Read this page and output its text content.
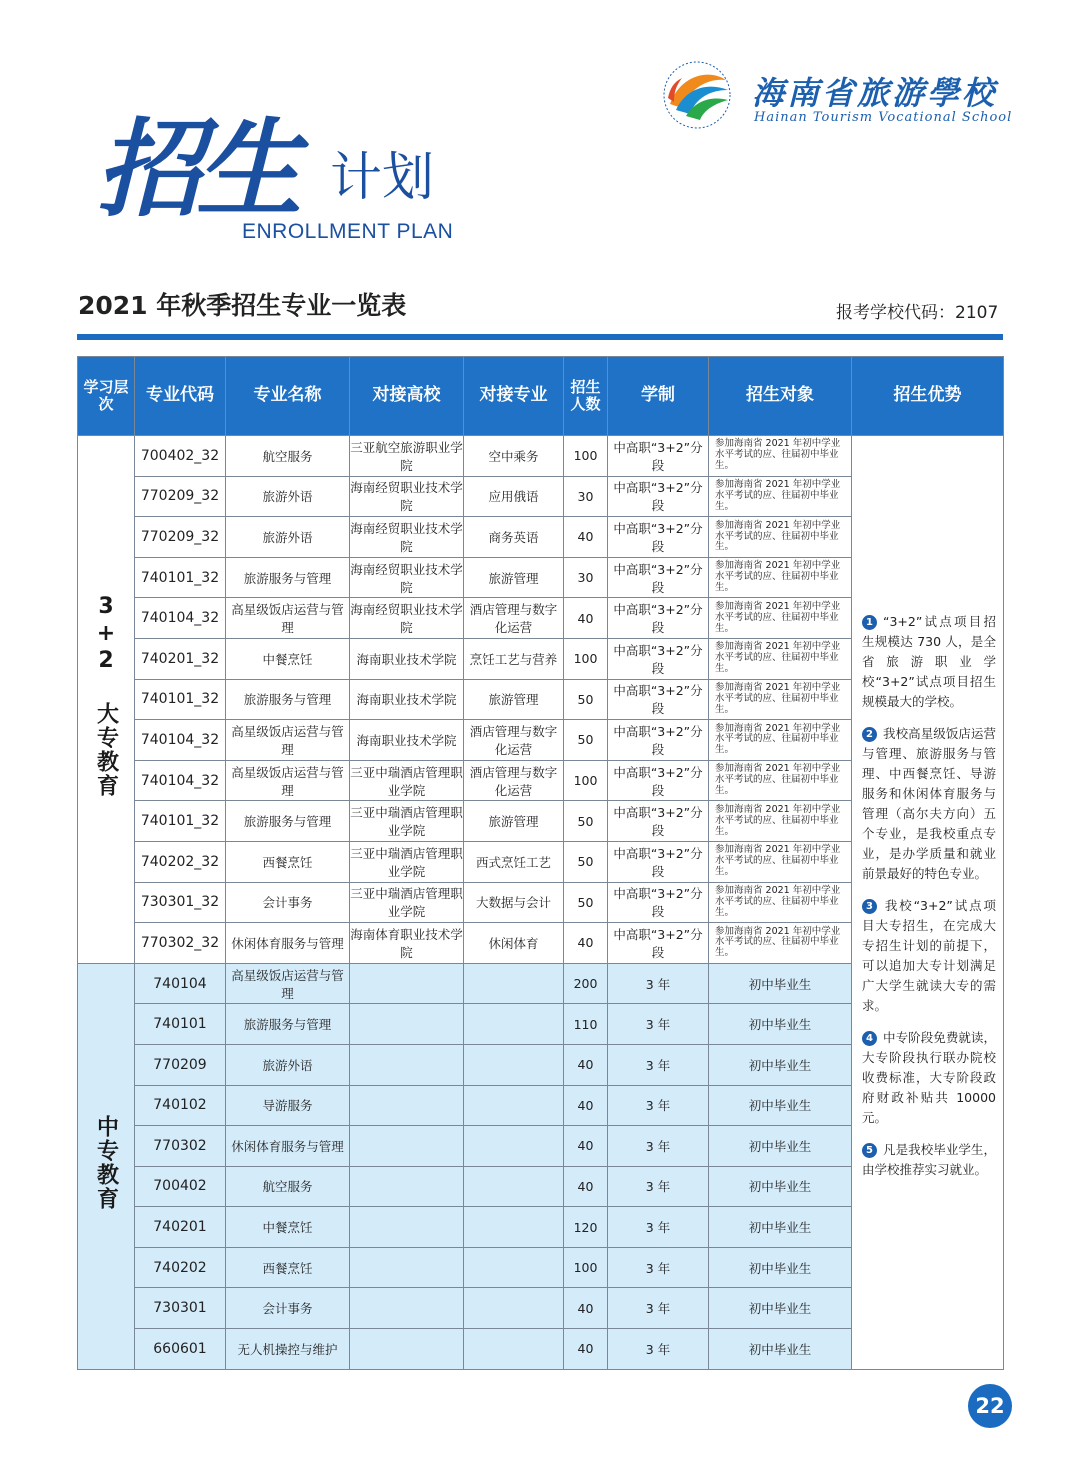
海南省旅游學校
Hainan Tourism Vocational School
招生 计划
ENROLLMENT PLAN
2021 年秋季招生专业一览表	报考学校代码：2107
学习层次	专业代码	专业名称	对接高校	对接专业	招生人数	学制	招生对象	招生优势
3+2 大专教育	700402_32	航空服务	三亚航空旅游职业学院	空中乘务	100	中高职“3+2”分段	参加海南省 2021 年初中学业水平考试的应、往届初中毕业生。	1 “3+2”试点项目招生规模达 730 人，是全省旅游职业学校“3+2”试点项目招生规模最大的学校。
2 我校高星级饭店运营与管理、旅游服务与管理、中西餐烹饪、导游服务和休闲体育服务与管理（高尔夫方向）五个专业，是我校重点专业，是办学质量和就业前景最好的特色专业。
3 我校“3+2”试点项目大专招生，在完成大专招生计划的前提下，可以追加大专计划满足广大学生就读大专的需求。
4 中专阶段免费就读，大专阶段执行联办院校收费标准，大专阶段政府财政补贴共 10000 元。
5 凡是我校毕业学生，由学校推荐实习就业。

	770209_32	旅游外语	海南经贸职业技术学院	应用俄语	30	中高职“3+2”分段	参加海南省 2021 年初中学业水平考试的应、往届初中毕业生。	
	770209_32	旅游外语	海南经贸职业技术学院	商务英语	40	中高职“3+2”分段	参加海南省 2021 年初中学业水平考试的应、往届初中毕业生。	
	740101_32	旅游服务与管理	海南经贸职业技术学院	旅游管理	30	中高职“3+2”分段	参加海南省 2021 年初中学业水平考试的应、往届初中毕业生。	
	740104_32	高星级饭店运营与管理	海南经贸职业技术学院	酒店管理与数字化运营	40	中高职“3+2”分段	参加海南省 2021 年初中学业水平考试的应、往届初中毕业生。	
	740201_32	中餐烹饪	海南职业技术学院	烹饪工艺与营养	100	中高职“3+2”分段	参加海南省 2021 年初中学业水平考试的应、往届初中毕业生。	
	740101_32	旅游服务与管理	海南职业技术学院	旅游管理	50	中高职“3+2”分段	参加海南省 2021 年初中学业水平考试的应、往届初中毕业生。	
	740104_32	高星级饭店运营与管理	海南职业技术学院	酒店管理与数字化运营	50	中高职“3+2”分段	参加海南省 2021 年初中学业水平考试的应、往届初中毕业生。	
	740104_32	高星级饭店运营与管理	三亚中瑞酒店管理职业学院	酒店管理与数字化运营	100	中高职“3+2”分段	参加海南省 2021 年初中学业水平考试的应、往届初中毕业生。	
	740101_32	旅游服务与管理	三亚中瑞酒店管理职业学院	旅游管理	50	中高职“3+2”分段	参加海南省 2021 年初中学业水平考试的应、往届初中毕业生。	
	740202_32	西餐烹饪	三亚中瑞酒店管理职业学院	西式烹饪工艺	50	中高职“3+2”分段	参加海南省 2021 年初中学业水平考试的应、往届初中毕业生。	
	730301_32	会计事务	三亚中瑞酒店管理职业学院	大数据与会计	50	中高职“3+2”分段	参加海南省 2021 年初中学业水平考试的应、往届初中毕业生。	
	770302_32	休闲体育服务与管理	海南体育职业技术学院	休闲体育	40	中高职“3+2”分段	参加海南省 2021 年初中学业水平考试的应、往届初中毕业生。	
中专教育	740104	高星级饭店运营与管理			200	3 年	初中毕业生	
	740101	旅游服务与管理			110	3 年	初中毕业生	
	770209	旅游外语			40	3 年	初中毕业生	
	740102	导游服务			40	3 年	初中毕业生	
	770302	休闲体育服务与管理			40	3 年	初中毕业生	
	700402	航空服务			40	3 年	初中毕业生	
	740201	中餐烹饪			120	3 年	初中毕业生	
	740202	西餐烹饪			100	3 年	初中毕业生	
	730301	会计事务			40	3 年	初中毕业生	
	660601	无人机操控与维护			40	3 年	初中毕业生	
22
